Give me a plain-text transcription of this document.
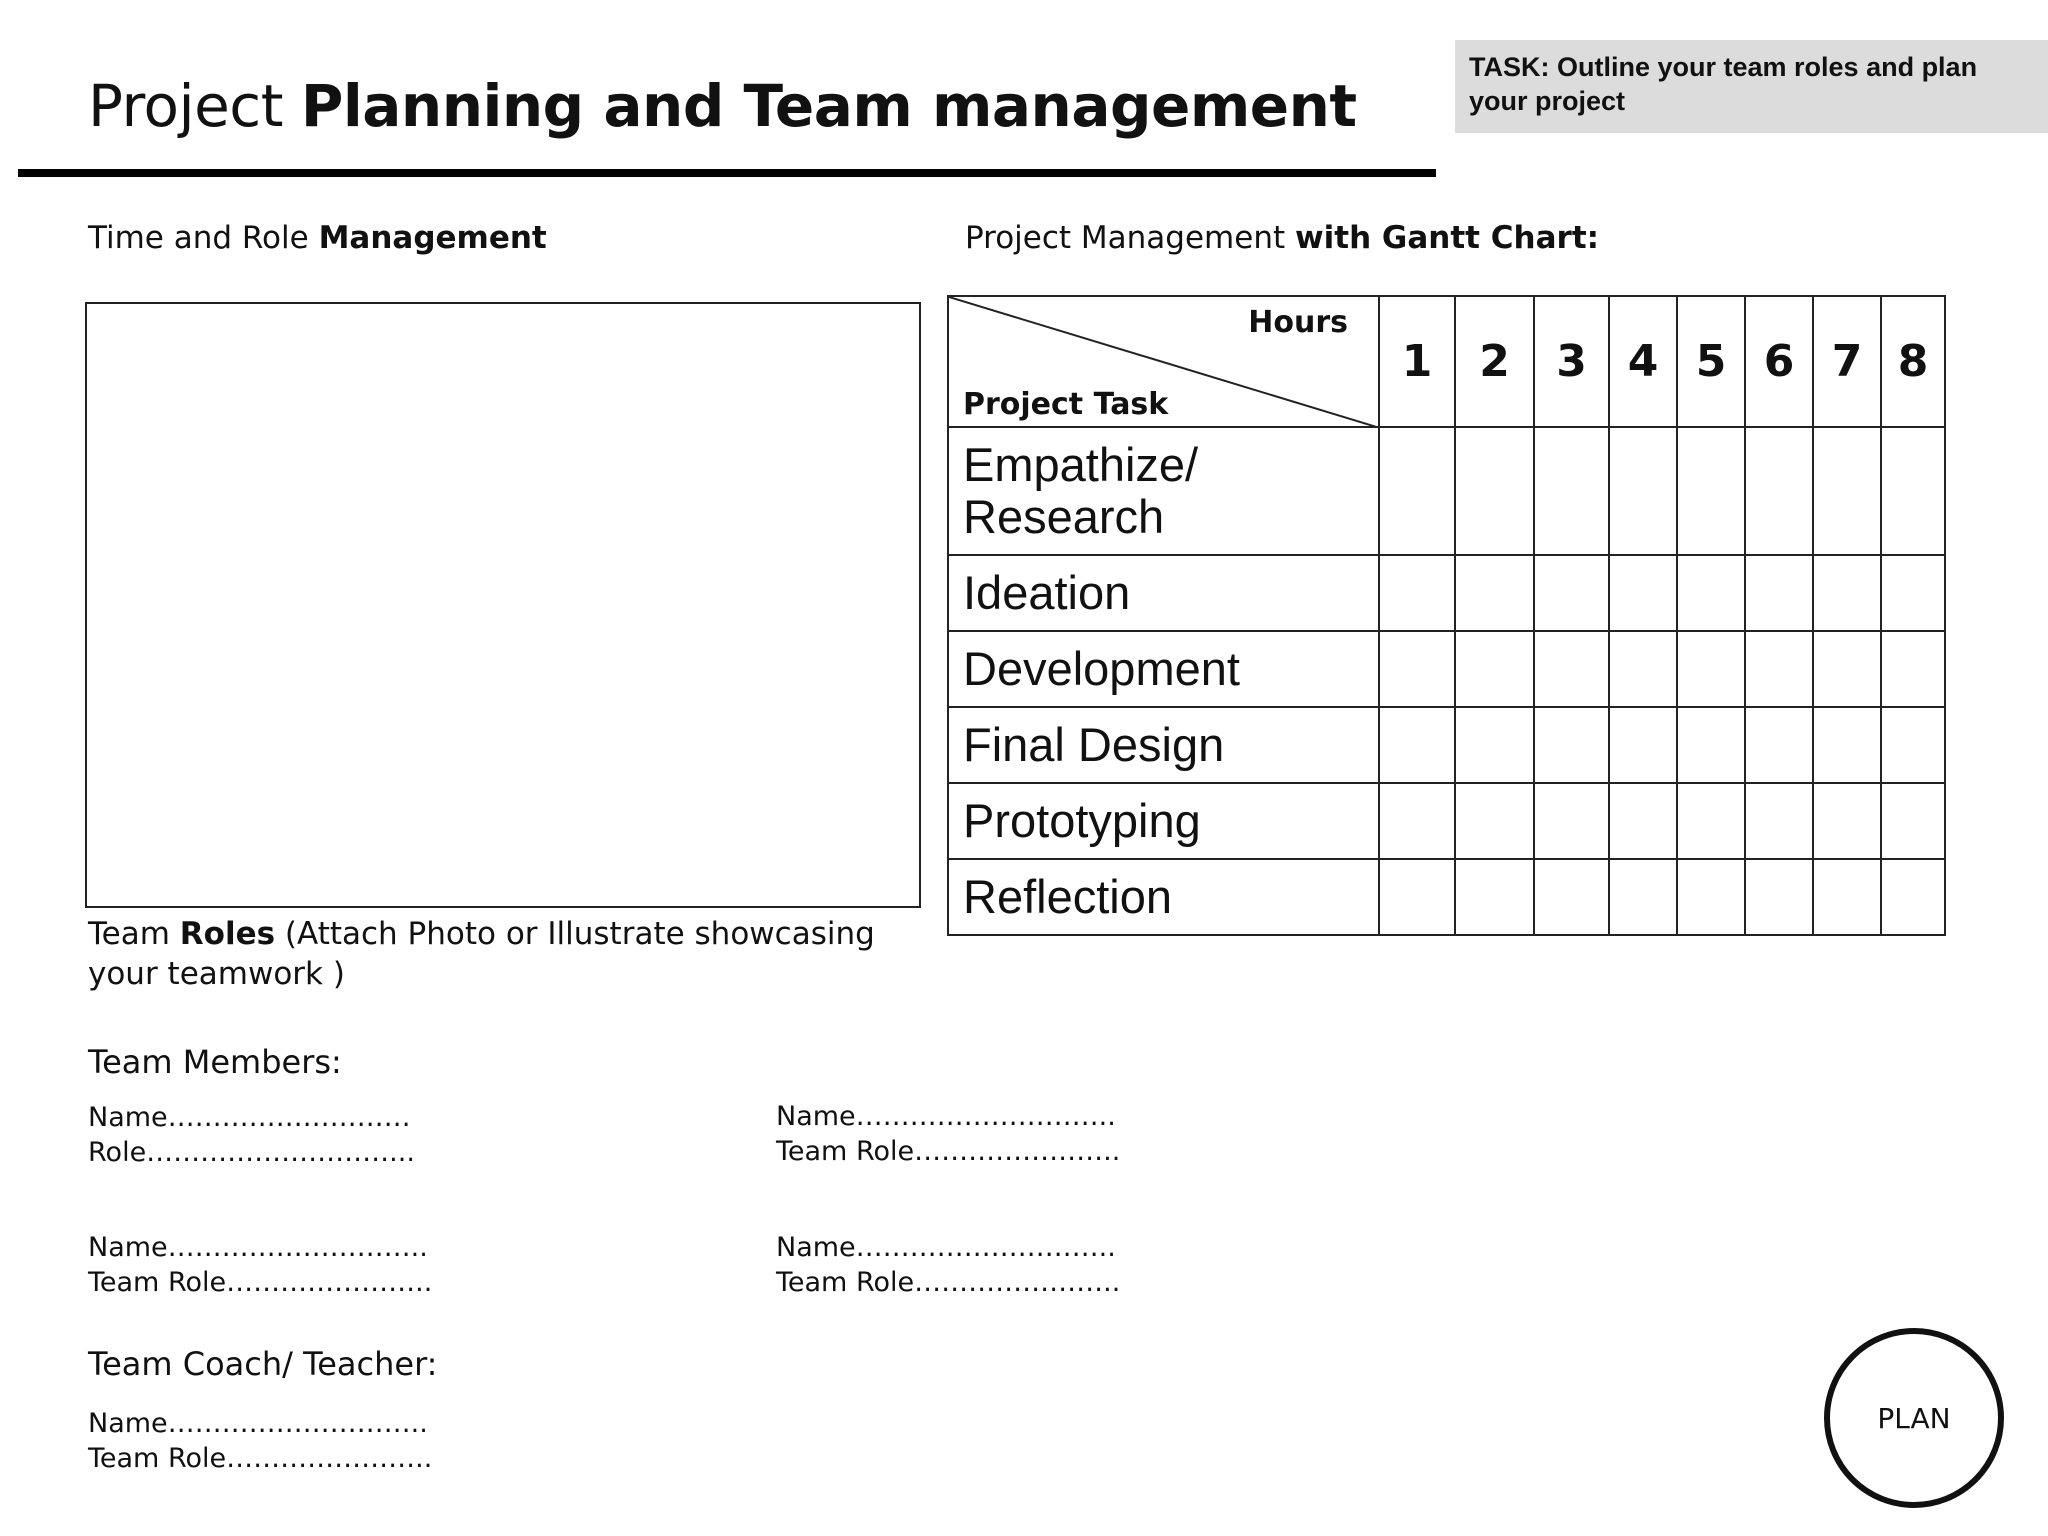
Project Planning and Team management
TASK: Outline your team roles and plan your project
Time and Role Management
Team Roles (Attach Photo or Illustrate showcasing your teamwork )
Team Members:
Name………………………
Role………………………...
Name………………………..
Team Role…………………..
Name………………………..
Team Role…………………..
Name………………………..
Team Role…………………..
Team Coach/ Teacher:
Name………………………..
Team Role…………………..
Project Management with Gantt Chart:
Hours
Project Task	1	2	3	4	5	6	7	8
Empathize/ Research								
Ideation								
Development								
Final Design								
Prototyping								
Reflection								
PLAN
